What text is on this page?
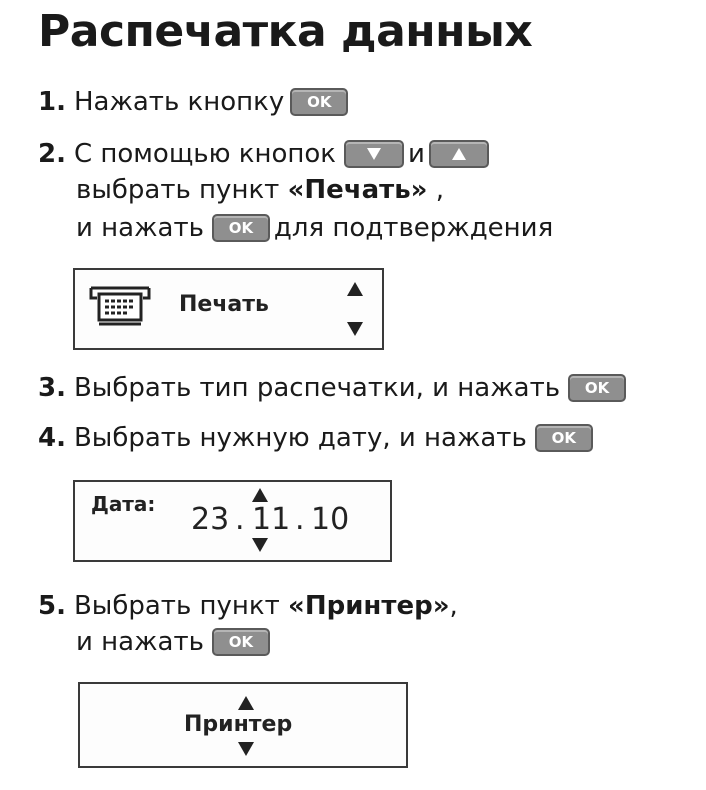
Распечатка данных
1. Нажать кнопку	OK
2. С помощью кнопок	и
выбрать пункт «Печать» ,
и нажать	OK для подтверждения
Печать
3. Выбрать тип распечатки, и нажать	OK
4. Выбрать нужную дату, и нажать	OK
Дата: 23 . 11 . 10
5. Выбрать пункт «Принтер» ,
и нажать	OK
Принтер
